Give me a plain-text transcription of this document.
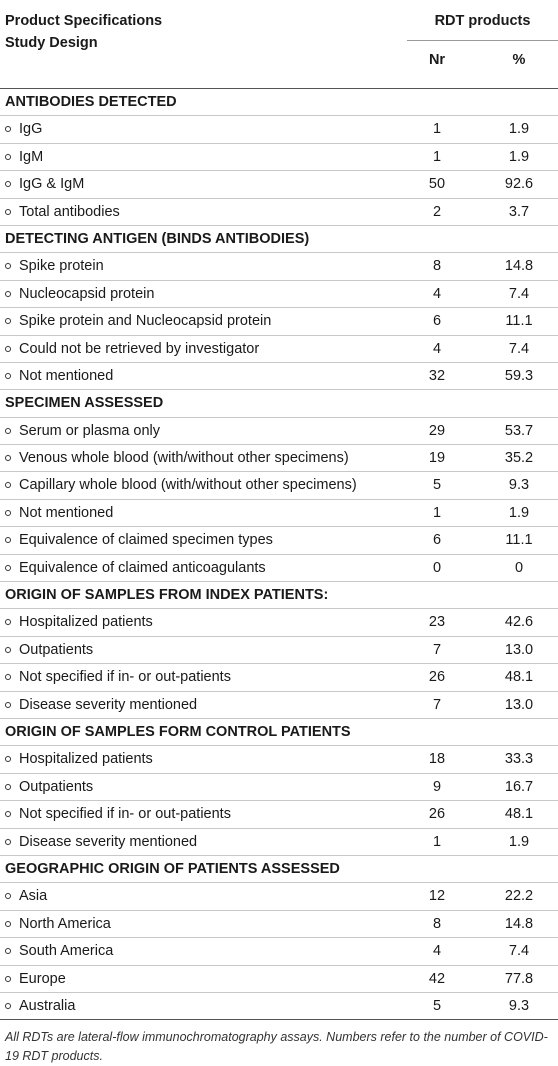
Product Specifications
Study Design
RDT products
Nr	%
ANTIBODIES DETECTED
IgG	1	1.9
IgM	1	1.9
IgG & IgM	50	92.6
Total antibodies	2	3.7
DETECTING ANTIGEN (BINDS ANTIBODIES)
Spike protein	8	14.8
Nucleocapsid protein	4	7.4
Spike protein and Nucleocapsid protein	6	11.1
Could not be retrieved by investigator	4	7.4
Not mentioned	32	59.3
SPECIMEN ASSESSED
Serum or plasma only	29	53.7
Venous whole blood (with/without other specimens)	19	35.2
Capillary whole blood (with/without other specimens)	5	9.3
Not mentioned	1	1.9
Equivalence of claimed specimen types	6	11.1
Equivalence of claimed anticoagulants	0	0
ORIGIN OF SAMPLES FROM INDEX PATIENTS:
Hospitalized patients	23	42.6
Outpatients	7	13.0
Not specified if in- or out-patients	26	48.1
Disease severity mentioned	7	13.0
ORIGIN OF SAMPLES FORM CONTROL PATIENTS
Hospitalized patients	18	33.3
Outpatients	9	16.7
Not specified if in- or out-patients	26	48.1
Disease severity mentioned	1	1.9
GEOGRAPHIC ORIGIN OF PATIENTS ASSESSED
Asia	12	22.2
North America	8	14.8
South America	4	7.4
Europe	42	77.8
Australia	5	9.3
All RDTs are lateral-flow immunochromatography assays. Numbers refer to the number of COVID-19 RDT products.
